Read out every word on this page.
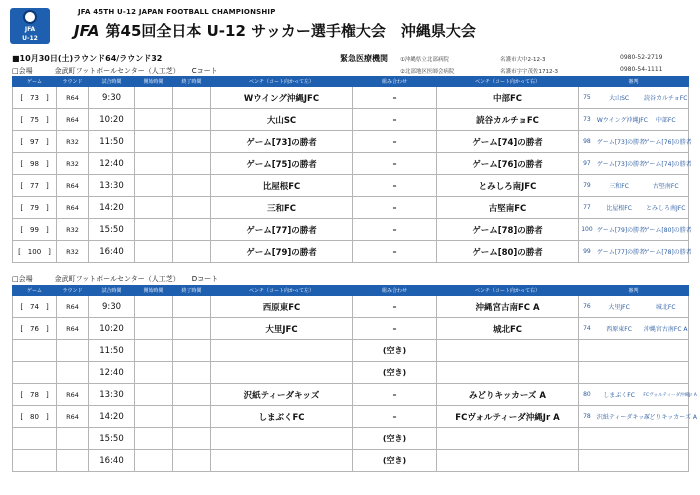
JFA
U-12
JFA 45TH U-12 JAPAN FOOTBALL CHAMPIONSHIP
JFA 第45回全日本 U-12 サッカー選手権大会　沖縄県大会
■10月30日(土)ラウンド64/ラウンド32	緊急医療機関 ①沖縄県立北部病院	名護市大中2-12-3	0980-52-2719
②北部地区医師会病院	名護市字宇茂佐1712-3	0980-54-1111
□会場	金武町フットボールセンター（人工芝） Cコート
ゲーム	ラウンド	試合時間	開始時間	終了時間	ベンチ（コート向かって左）	組み合わせ	ベンチ（コート向かって右）	審判
[　73　]	R64	9:30			Wウイング沖縄JFC	–	中部FC		75	大山SC	読谷カルチョFC

[　75　]	R64	10:20			大山SC	–	読谷カルチョFC		73	Wウイング沖縄JFC	中部FC

[　97　]	R32	11:50			ゲーム[73]の勝者	–	ゲーム[74]の勝者		98	ゲーム[73]の勝者	ゲーム[76]の勝者

[　98　]	R32	12:40			ゲーム[75]の勝者	–	ゲーム[76]の勝者		97	ゲーム[73]の勝者	ゲーム[74]の勝者

[　77　]	R64	13:30			比屋根FC	–	とみしろ南JFC		79	三和FC	古堅南FC

[　79　]	R64	14:20			三和FC	–	古堅南FC		77	比屋根FC	とみしろ南JFC

[　99　]	R32	15:50			ゲーム[77]の勝者	–	ゲーム[78]の勝者		100	ゲーム[79]の勝者	ゲーム[80]の勝者

[　100　]	R32	16:40			ゲーム[79]の勝者	–	ゲーム[80]の勝者		99	ゲーム[77]の勝者	ゲーム[78]の勝者
□会場	金武町フットボールセンター（人工芝） Dコート
ゲーム	ラウンド	試合時間	開始時間	終了時間	ベンチ（コート向かって左）	組み合わせ	ベンチ（コート向かって右）	審判
[　74　]	R64	9:30			西原東FC	–	沖縄宮古南FC A		76	大里JFC	城北FC

[　76　]	R64	10:20			大里JFC	–	城北FC		74	西原東FC	沖縄宮古南FC A

		11:50				(空き)		

		12:40				(空き)		

[　78　]	R64	13:30			沢紙ティーダキッズ	–	みどりキッカーズ A		80	しまぶくFC	FCヴォルティーダ沖縄Jr A

[　80　]	R64	14:20			しまぶくFC	–	FCヴォルティーダ沖縄Jr A		78	沢紙ティーダキッズ	みどりキッカーズ A

		15:50				(空き)		

		16:40				(空き)		
